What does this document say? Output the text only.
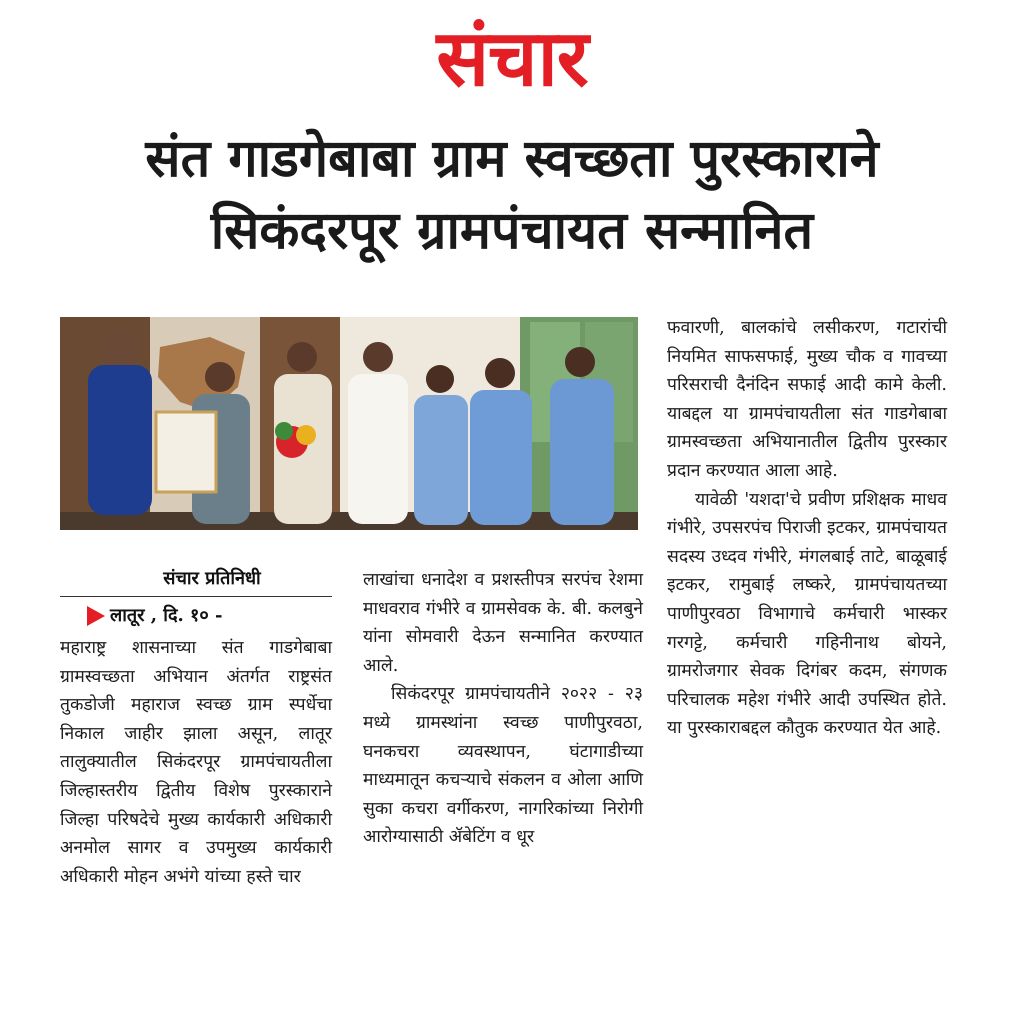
संचार
संत गाडगेबाबा ग्राम स्वच्छता पुरस्काराने
सिकंदरपूर ग्रामपंचायत सन्मानित

फवारणी, बालकांचे लसीकरण, गटारांची नियमित साफसफाई, मुख्य चौक व गावच्या परिसराची दैनंदिन सफाई आदी कामे केली. याबद्दल या ग्रामपंचायतीला संत गाडगेबाबा ग्रामस्वच्छता अभियानातील द्वितीय पुरस्कार प्रदान करण्यात आला आहे.

यावेळी 'यशदा'चे प्रवीण प्रशिक्षक माधव गंभीरे, उपसरपंच पिराजी इटकर, ग्रामपंचायत सदस्य उध्दव गंभीरे, मंगलबाई ताटे, बाळूबाई इटकर, रामुबाई लष्करे, ग्रामपंचायतच्या पाणीपुरवठा विभागाचे कर्मचारी भास्कर गरगट्टे, कर्मचारी गहिनीनाथ बोयने, ग्रामरोजगार सेवक दिगंबर कदम, संगणक परिचालक महेश गंभीरे आदी उपस्थित होते. या पुरस्काराबद्दल कौतुक करण्यात येत आहे.

संचार प्रतिनिधी
लातूर , दि. १० -

महाराष्ट्र शासनाच्या संत गाडगेबाबा ग्रामस्वच्छता अभियान अंतर्गत राष्ट्रसंत तुकडोजी महाराज स्वच्छ ग्राम स्पर्धेचा निकाल जाहीर झाला असून, लातूर तालुक्यातील सिकंदरपूर ग्रामपंचायतीला जिल्हास्तरीय द्वितीय विशेष पुरस्काराने जिल्हा परिषदेचे मुख्य कार्यकारी अधिकारी अनमोल सागर व उपमुख्य कार्यकारी अधिकारी मोहन अभंगे यांच्या हस्ते चार

लाखांचा धनादेश व प्रशस्तीपत्र सरपंच रेशमा माधवराव गंभीरे व ग्रामसेवक के. बी. कलबुने यांना सोमवारी देऊन सन्मानित करण्यात आले.

सिकंदरपूर ग्रामपंचायतीने २०२२ - २३ मध्ये ग्रामस्थांना स्वच्छ पाणीपुरवठा, घनकचरा व्यवस्थापन, घंटागाडीच्या माध्यमातून कचऱ्याचे संकलन व ओला आणि सुका कचरा वर्गीकरण, नागरिकांच्या निरोगी आरोग्यासाठी ॲबेटिंग व धूर
